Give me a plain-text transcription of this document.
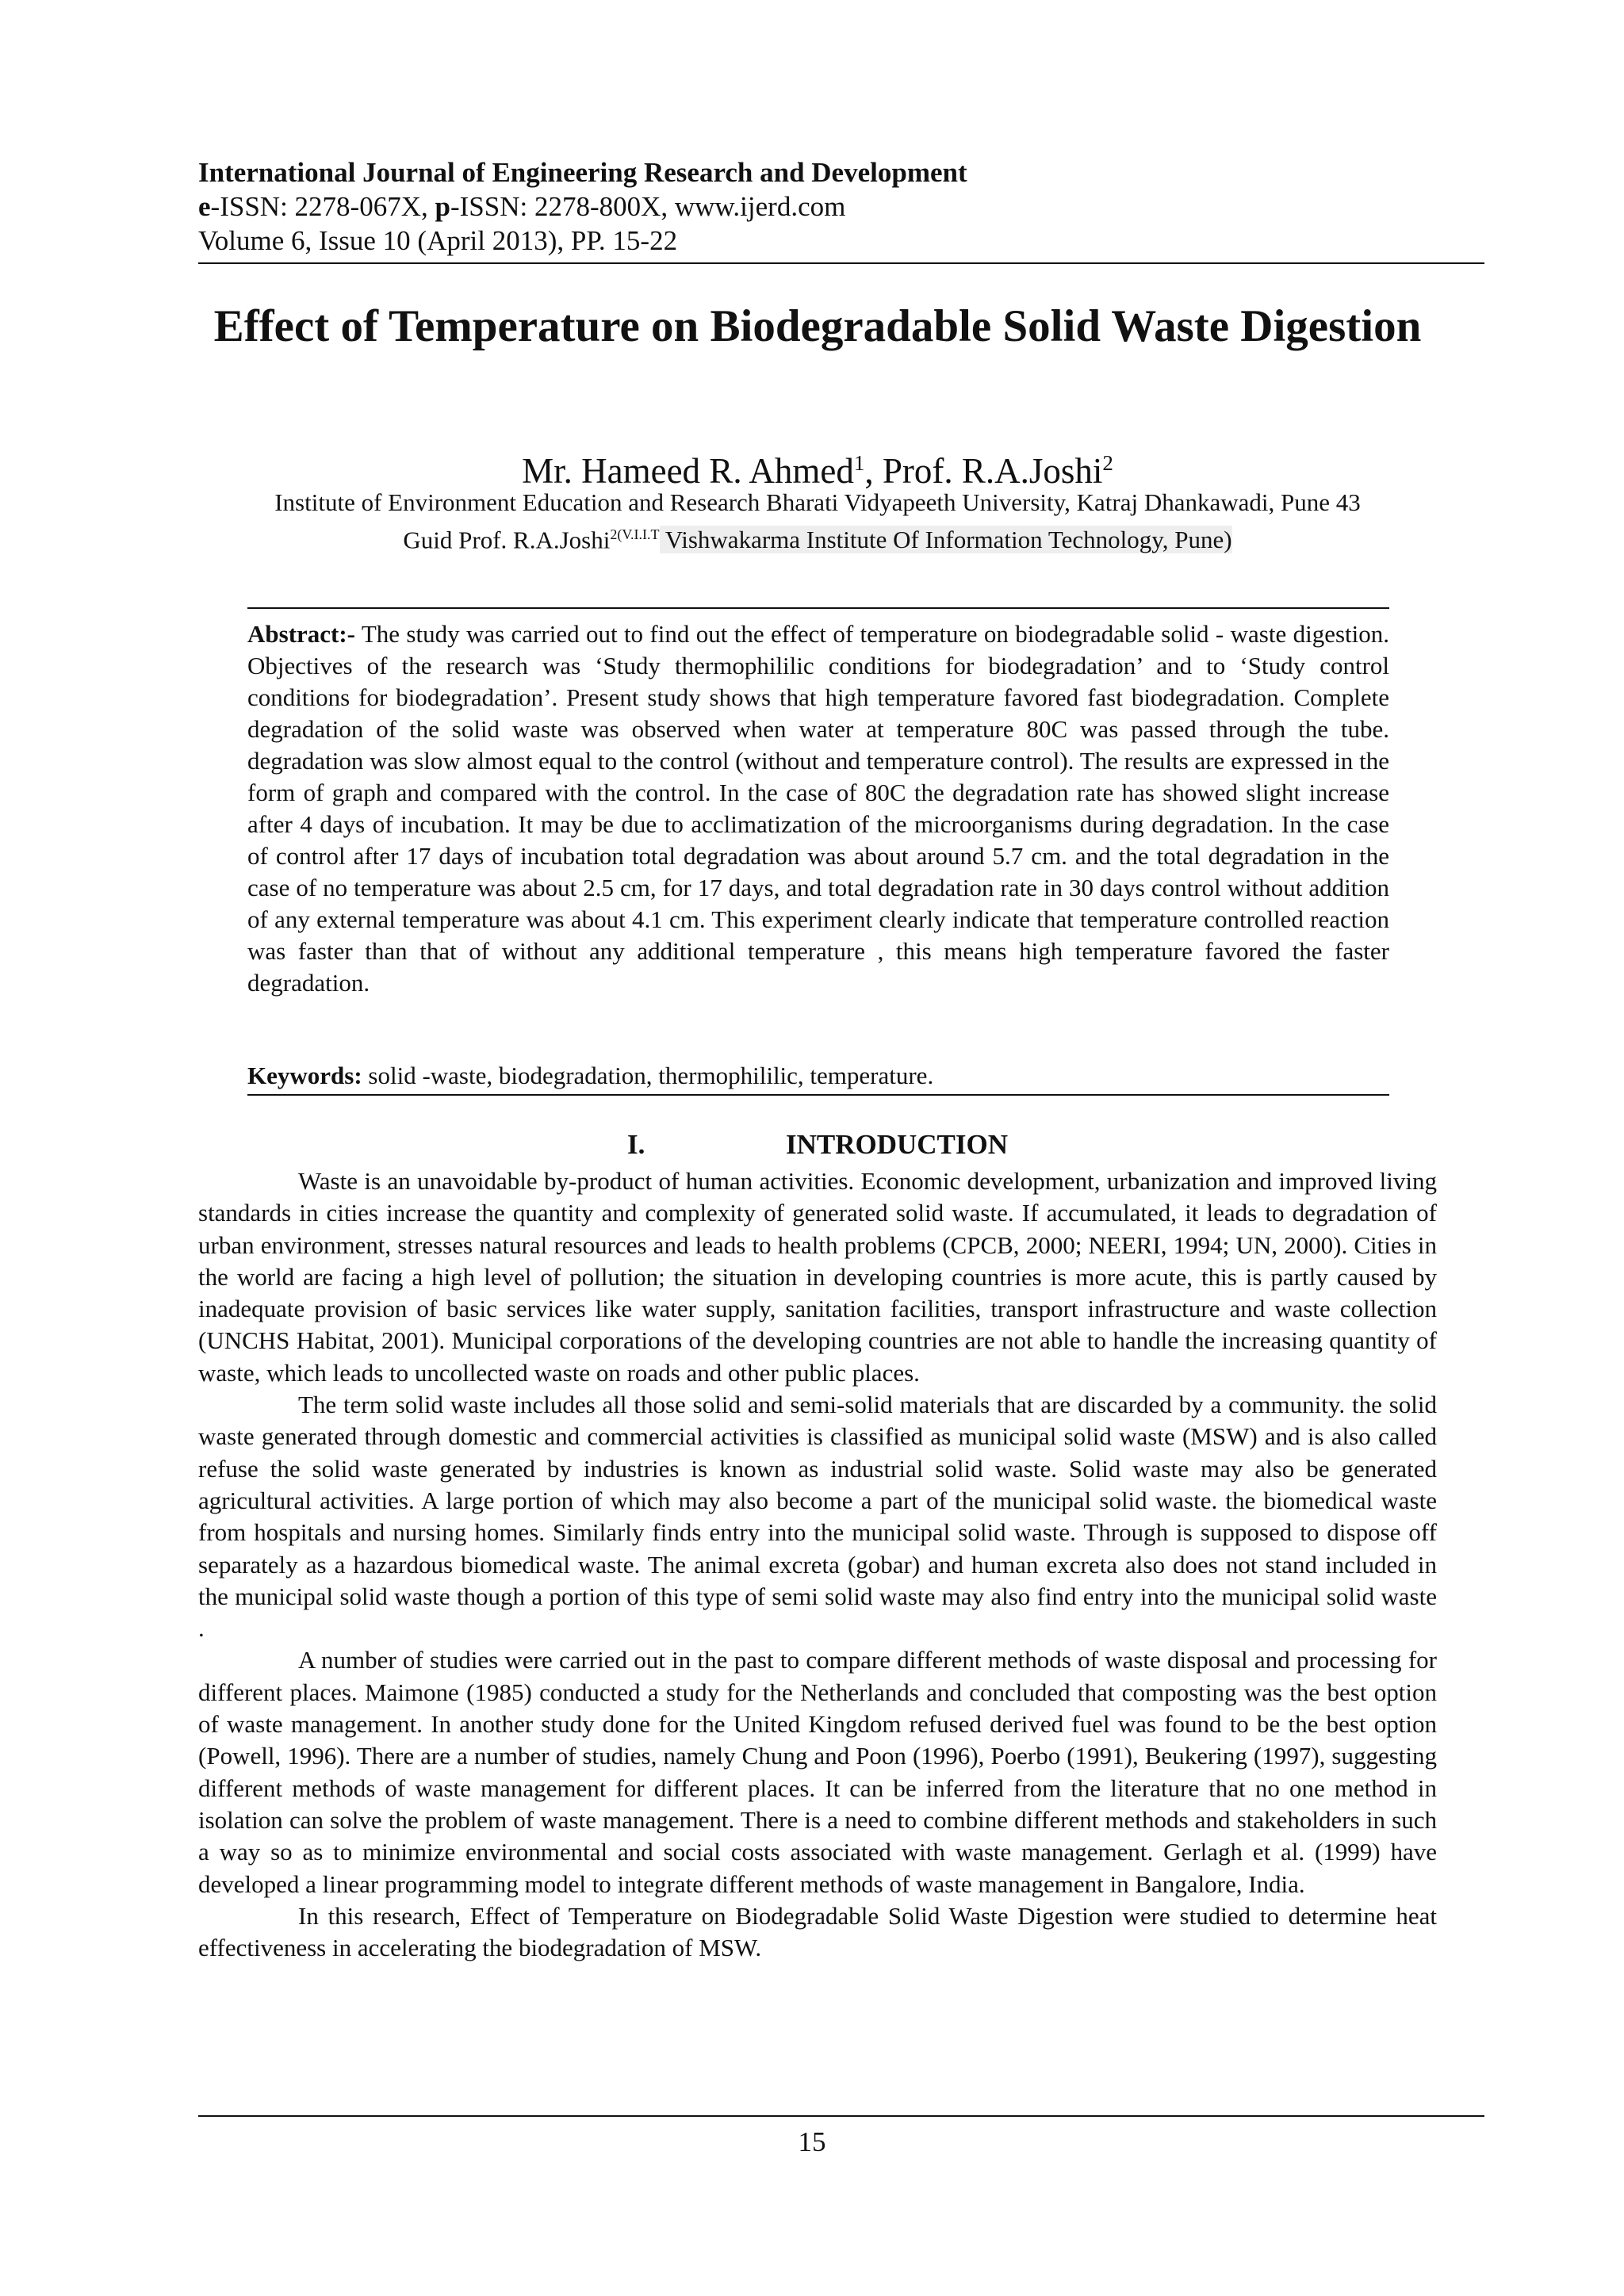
International Journal of Engineering Research and Development
e-ISSN: 2278-067X, p-ISSN: 2278-800X, www.ijerd.com
Volume 6, Issue 10 (April 2013), PP. 15-22
Effect of Temperature on Biodegradable Solid Waste Digestion
Mr. Hameed R. Ahmed$^1$, Prof. R.A.Joshi$^2$
Institute of Environment Education and Research Bharati Vidyapeeth University, Katraj Dhankawadi, Pune 43
Guid Prof. R.A.Joshi$^{2(V.I.I.T}$ Vishwakarma Institute Of Information Technology, Pune)
Abstract:- The study was carried out to find out the effect of temperature on biodegradable solid - waste digestion. Objectives of the research was ‘Study thermophililic conditions for biodegradation’ and to ‘Study control conditions for biodegradation’. Present study shows that high temperature favored fast biodegradation. Complete degradation of the solid waste was observed when water at temperature 80C was passed through the tube. degradation was slow almost equal to the control (without and temperature control). The results are expressed in the form of graph and compared with the control. In the case of 80C the degradation rate has showed slight increase after 4 days of incubation. It may be due to acclimatization of the microorganisms during degradation. In the case of control after 17 days of incubation total degradation was about around 5.7 cm. and the total degradation in the case of no temperature was about 2.5 cm, for 17 days, and total degradation rate in 30 days control without addition of any external temperature was about 4.1 cm. This experiment clearly indicate that temperature controlled reaction was faster than that of without any additional temperature , this means high temperature favored the faster degradation.
Keywords: solid -waste, biodegradation, thermophililic, temperature.
I.	INTRODUCTION

Waste is an unavoidable by-product of human activities. Economic development, urbanization and improved living standards in cities increase the quantity and complexity of generated solid waste. If accumulated, it leads to degradation of urban environment, stresses natural resources and leads to health problems (CPCB, 2000; NEERI, 1994; UN, 2000). Cities in the world are facing a high level of pollution; the situation in developing countries is more acute, this is partly caused by inadequate provision of basic services like water supply, sanitation facilities, transport infrastructure and waste collection (UNCHS Habitat, 2001). Municipal corporations of the developing countries are not able to handle the increasing quantity of waste, which leads to uncollected waste on roads and other public places.

The term solid waste includes all those solid and semi-solid materials that are discarded by a community. the solid waste generated through domestic and commercial activities is classified as municipal solid waste (MSW) and is also called refuse the solid waste generated by industries is known as industrial solid waste. Solid waste may also be generated agricultural activities. A large portion of which may also become a part of the municipal solid waste. the biomedical waste from hospitals and nursing homes. Similarly finds entry into the municipal solid waste. Through is supposed to dispose off separately as a hazardous biomedical waste. The animal excreta (gobar) and human excreta also does not stand included in the municipal solid waste though a portion of this type of semi solid waste may also find entry into the municipal solid waste .

A number of studies were carried out in the past to compare different methods of waste disposal and processing for different places. Maimone (1985) conducted a study for the Netherlands and concluded that composting was the best option of waste management. In another study done for the United Kingdom refused derived fuel was found to be the best option (Powell, 1996). There are a number of studies, namely Chung and Poon (1996), Poerbo (1991), Beukering (1997), suggesting different methods of waste management for different places. It can be inferred from the literature that no one method in isolation can solve the problem of waste management. There is a need to combine different methods and stakeholders in such a way so as to minimize environmental and social costs associated with waste management. Gerlagh et al. (1999) have developed a linear programming model to integrate different methods of waste management in Bangalore, India.

In this research, Effect of Temperature on Biodegradable Solid Waste Digestion were studied to determine heat effectiveness in accelerating the biodegradation of MSW.

15
